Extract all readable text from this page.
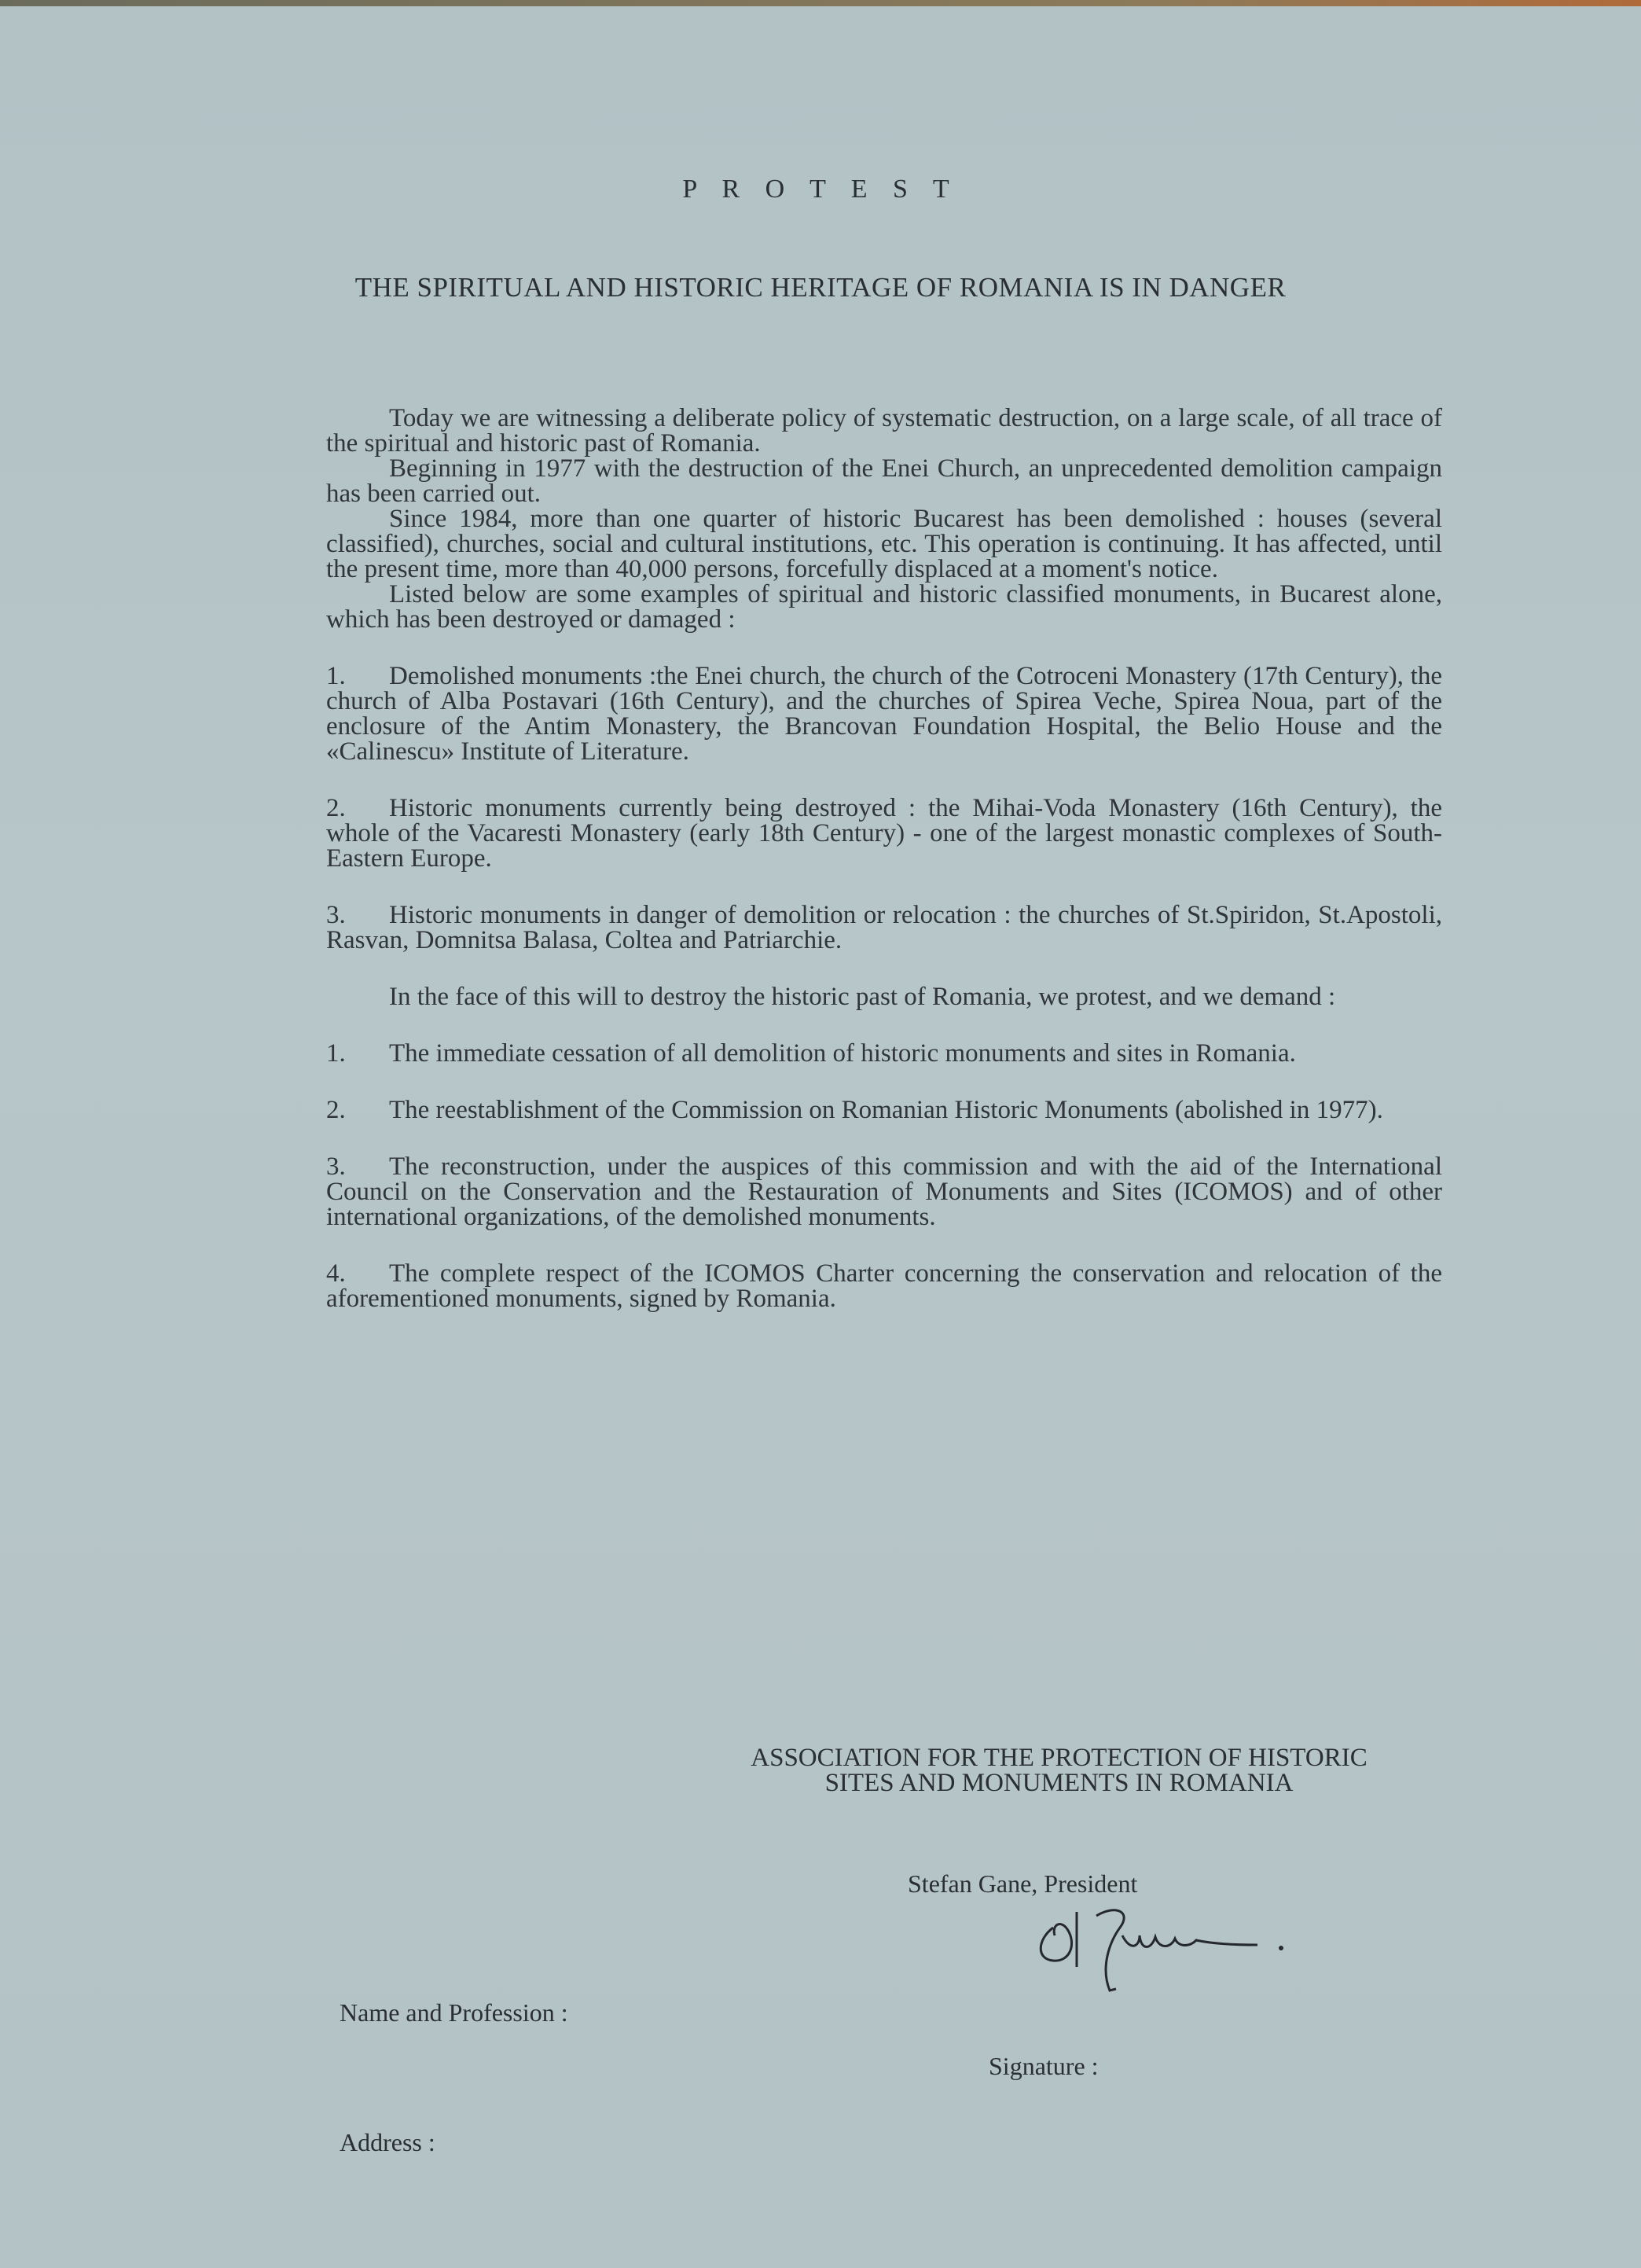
P R O T E S T
THE SPIRITUAL AND HISTORIC HERITAGE OF ROMANIA IS IN DANGER

Today we are witnessing a deliberate policy of systematic destruction, on a large scale, of all trace of the spiritual and historic past of Romania.

Beginning in 1977 with the destruction of the Enei Church, an unprecedented demolition campaign has been carried out.

Since 1984, more than one quarter of historic Bucarest has been demolished : houses (several classified), churches, social and cultural institutions, etc. This operation is continuing. It has affected, until the present time, more than 40,000 persons, forcefully displaced at a moment's notice.

Listed below are some examples of spiritual and historic classified monuments, in Bucarest alone, which has been destroyed or damaged :

1. Demolished monuments :the Enei church, the church of the Cotroceni Monastery (17th Century), the church of Alba Postavari (16th Century), and the churches of Spirea Veche, Spirea Noua, part of the enclosure of the Antim Monastery, the Brancovan Foundation Hospital, the Belio House and the «Calinescu» Institute of Literature.

2. Historic monuments currently being destroyed : the Mihai-Voda Monastery (16th Century), the whole of the Vacaresti Monastery (early 18th Century) - one of the largest monastic complexes of South-Eastern Europe.

3. Historic monuments in danger of demolition or relocation : the churches of St.Spiridon, St.Apostoli, Rasvan, Domnitsa Balasa, Coltea and Patriarchie.

In the face of this will to destroy the historic past of Romania, we protest, and we demand :

1. The immediate cessation of all demolition of historic monuments and sites in Romania.

2. The reestablishment of the Commission on Romanian Historic Monuments (abolished in 1977).

3. The reconstruction, under the auspices of this commission and with the aid of the International Council on the Conservation and the Restauration of Monuments and Sites (ICOMOS) and of other international organizations, of the demolished monuments.

4. The complete respect of the ICOMOS Charter concerning the conservation and relocation of the aforementioned monuments, signed by Romania.

ASSOCIATION FOR THE PROTECTION OF HISTORIC
SITES AND MONUMENTS IN ROMANIA
Stefan Gane, President
Name and Profession :
Signature :
Address :
